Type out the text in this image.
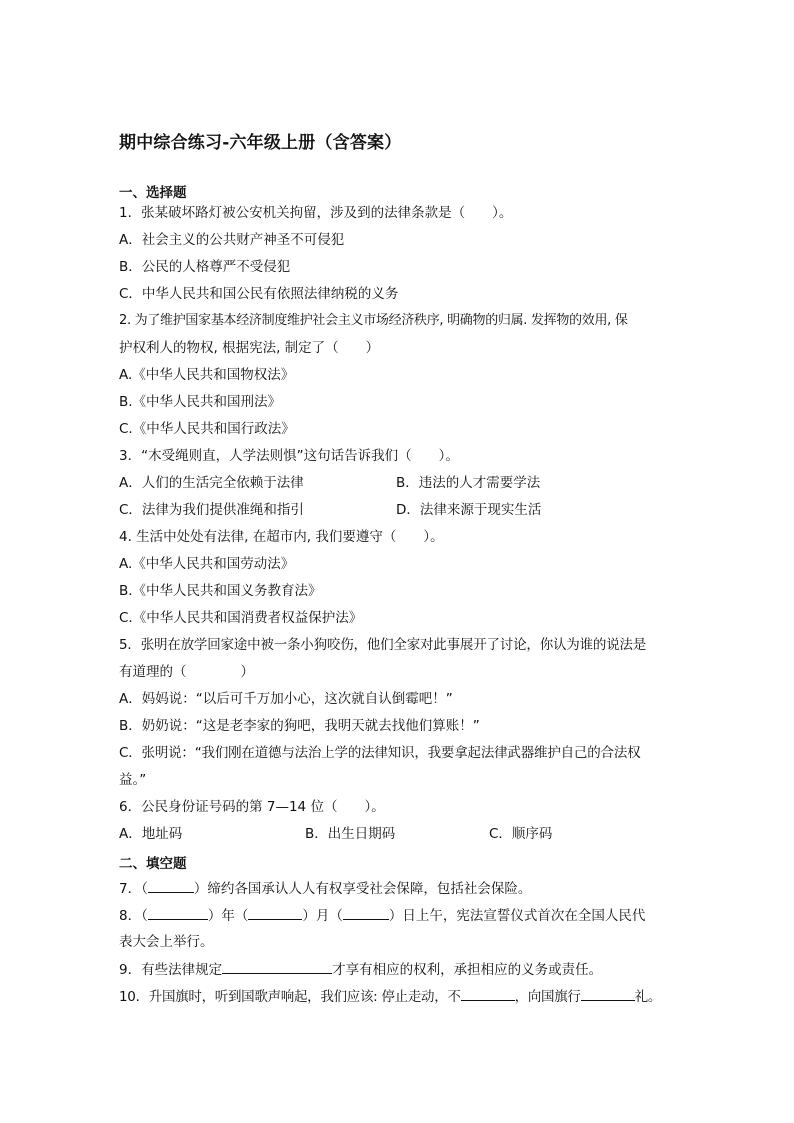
期中综合练习-六年级上册（含答案）
一、选择题
1．张某破坏路灯被公安机关拘留，涉及到的法律条款是（　　）。
A．社会主义的公共财产神圣不可侵犯
B．公民的人格尊严不受侵犯
C．中华人民共和国公民有依照法律纳税的义务
2. 为了维护国家基本经济制度维护社会主义市场经济秩序, 明确物的归属. 发挥物的效用, 保
护权利人的物权, 根据宪法, 制定了（　　）
A.《中华人民共和国物权法》
B.《中华人民共和国刑法》
C.《中华人民共和国行政法》
3．“木受绳则直，人学法则惧”这句话告诉我们（　　）。
A．人们的生活完全依赖于法律	B．违法的人才需要学法
C．法律为我们提供准绳和指引	D．法律来源于现实生活
4. 生活中处处有法律, 在超市内, 我们要遵守（　　）。
A.《中华人民共和国劳动法》
B.《中华人民共和国义务教育法》
C.《中华人民共和国消费者权益保护法》
5．张明在放学回家途中被一条小狗咬伤，他们全家对此事展开了讨论，你认为谁的说法是
有道理的（　　　　）
A．妈妈说：“以后可千万加小心，这次就自认倒霉吧！”
B．奶奶说：“这是老李家的狗吧，我明天就去找他们算账！”
C．张明说：“我们刚在道德与法治上学的法律知识，我要拿起法律武器维护自己的合法权
益。”
6．公民身份证号码的第 7—14 位（　　）。
A．地址码	B．出生日期码	C．顺序码
二、填空题
7．（	）缔约各国承认人人有权享受社会保障，包括社会保险。
8．（	）年（	）月（	）日上午，宪法宣誓仪式首次在全国人民代
表大会上举行。
9．有些法律规定	才享有相应的权利，承担相应的义务或责任。
10．升国旗时，听到国歌声响起，我们应该: 停止走动，不	，向国旗行	礼。
